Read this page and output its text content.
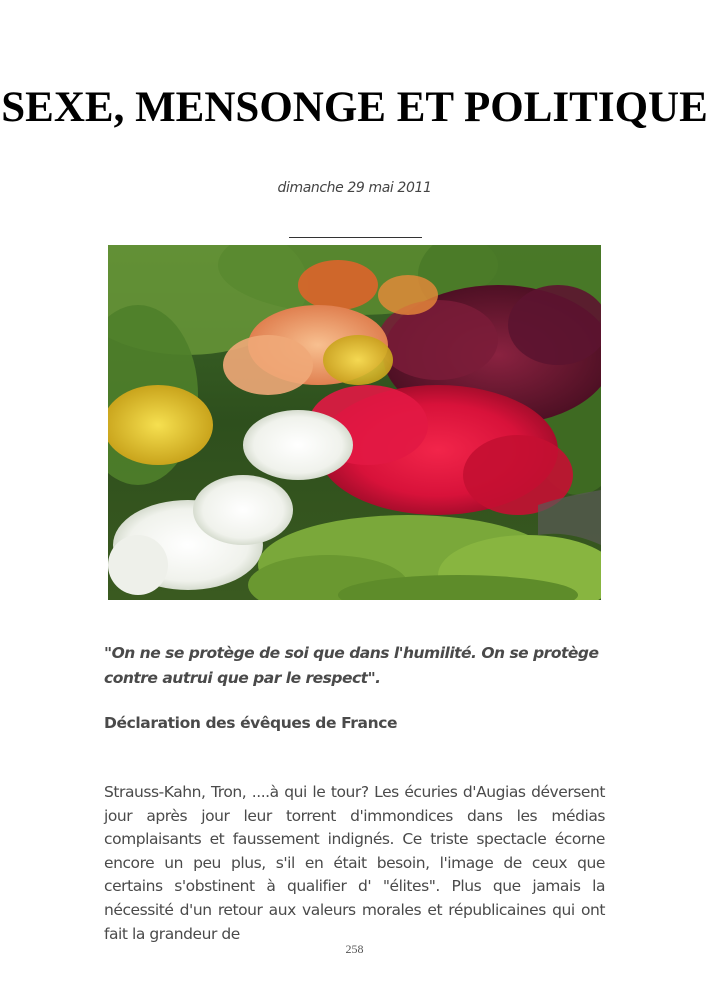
SEXE, MENSONGE ET POLITIQUE
dimanche 29 mai 2011

"On ne se protège de soi que dans l'humilité. On se protège contre autrui que par le respect".

Déclaration des évêques de France

Strauss-Kahn, Tron, ....à qui le tour? Les écuries d'Augias déversent jour après jour leur torrent d'immondices dans les médias complaisants et faussement indignés. Ce triste spectacle écorne encore un peu plus, s'il en était besoin, l'image de ceux que certains s'obstinent à qualifier d' "élites". Plus que jamais la nécessité d'un retour aux valeurs morales et républicaines qui ont fait la grandeur de

258
